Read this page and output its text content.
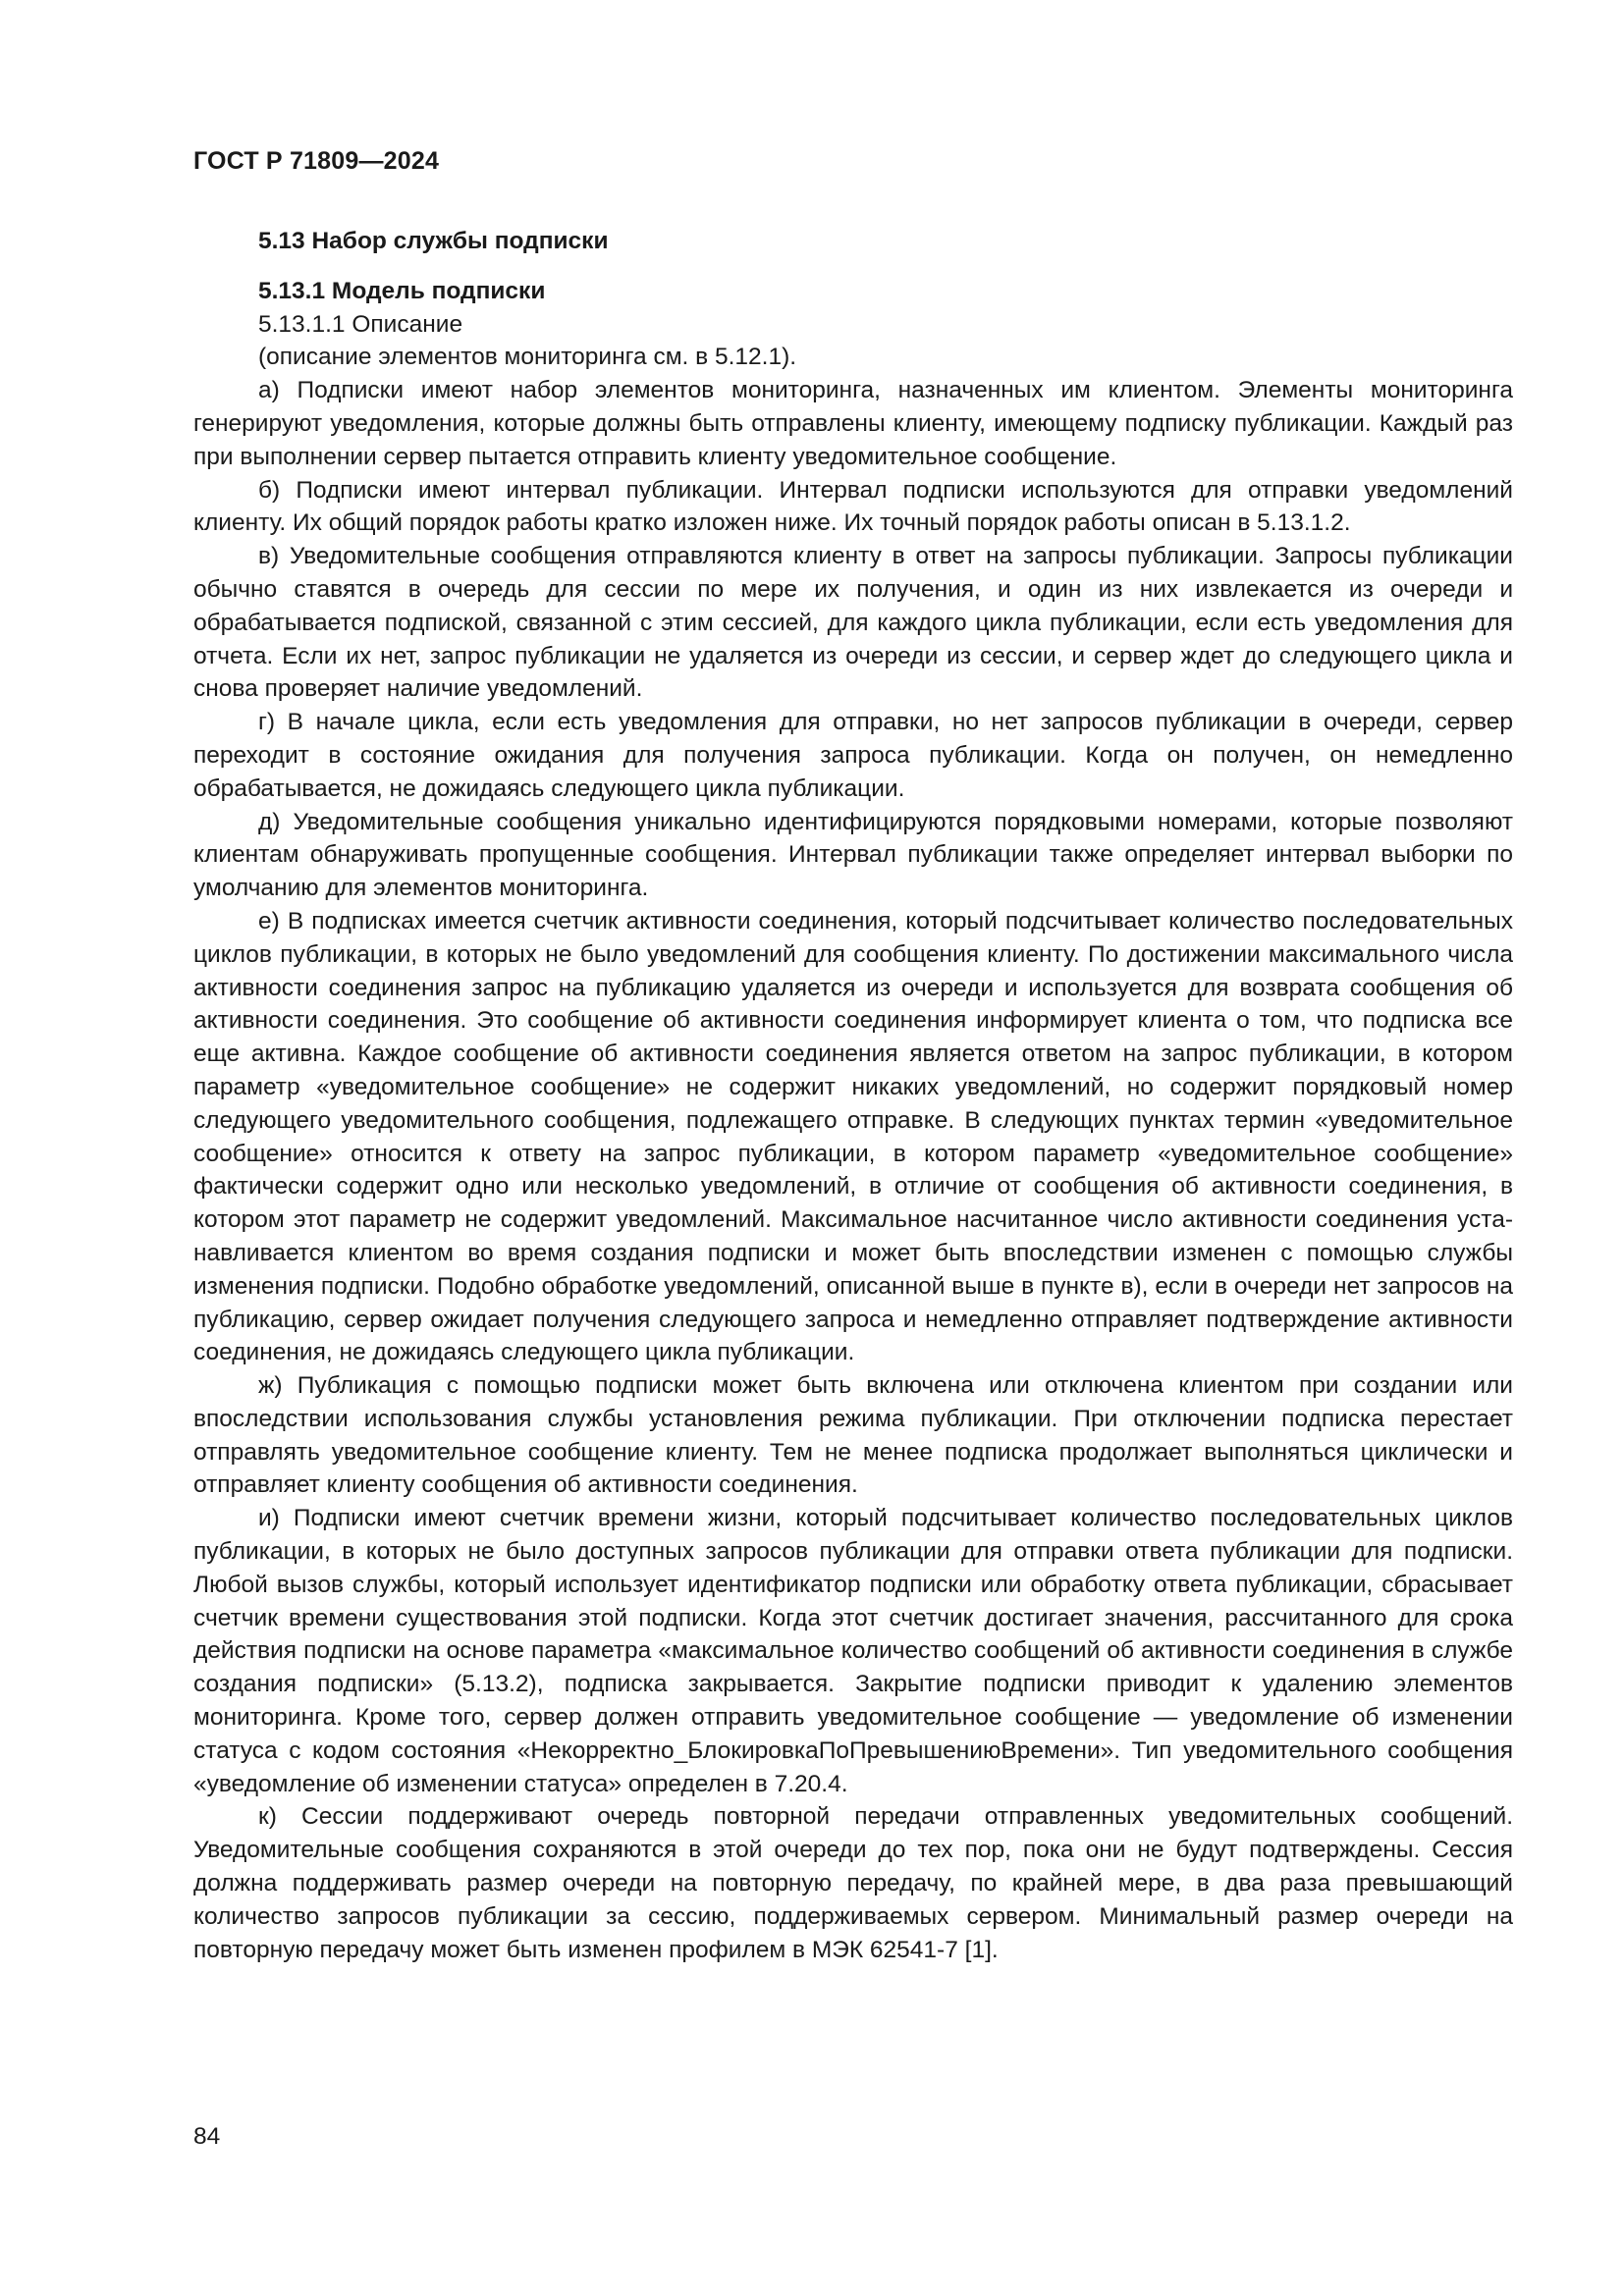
ГОСТ Р 71809—2024

5.13 Набор службы подписки

5.13.1 Модель подписки

5.13.1.1 Описание

(описание элементов мониторинга см. в 5.12.1).

а) Подписки имеют набор элементов мониторинга, назначенных им клиентом. Элементы мониторинга генерируют уведомления, которые должны быть отправлены клиенту, имеющему подписку публикации. Каждый раз при выполнении сервер пытается отправить клиенту уведомительное сообщение.

б) Подписки имеют интервал публикации. Интервал подписки используются для отправки уведомлений клиенту. Их общий порядок работы кратко изложен ниже. Их точный порядок работы описан в 5.13.1.2.

в) Уведомительные сообщения отправляются клиенту в ответ на запросы публикации. Запросы публикации обычно ставятся в очередь для сессии по мере их получения, и один из них извлекается из очереди и обрабатывается подпиской, связанной с этим сессией, для каждого цикла публикации, если есть уведомления для отчета. Если их нет, запрос публикации не удаляется из очереди из сессии, и сервер ждет до следующего цикла и снова проверяет наличие уведомлений.

г) В начале цикла, если есть уведомления для отправки, но нет запросов публикации в очереди, сервер переходит в состояние ожидания для получения запроса публикации. Когда он получен, он немедленно обрабатывается, не дожидаясь следующего цикла публикации.

д) Уведомительные сообщения уникально идентифицируются порядковыми номерами, которые позволяют клиентам обнаруживать пропущенные сообщения. Интервал публикации также определяет интервал выборки по умолчанию для элементов мониторинга.

е) В подписках имеется счетчик активности соединения, который подсчитывает количество последовательных циклов публикации, в которых не было уведомлений для сообщения клиенту. По достижении максимального числа активности соединения запрос на публикацию удаляется из очереди и используется для возврата сообщения об активности соединения. Это сообщение об активности соединения информирует клиента о том, что подписка все еще активна. Каждое сообщение об активности соединения является ответом на запрос публикации, в котором параметр «уведомительное сообщение» не содержит никаких уведомлений, но содержит порядковый номер следующего уведомительного сообщения, подлежащего отправке. В следующих пунктах термин «уведомительное сообщение» относится к ответу на запрос публикации, в котором параметр «уведомительное сообщение» фактически содержит одно или несколько уведомлений, в отличие от сообщения об активности соединения, в котором этот параметр не содержит уведомлений. Максимальное насчитанное число активности соединения устанавливается клиентом во время создания подписки и может быть впоследствии изменен с помощью службы изменения подписки. Подобно обработке уведомлений, описанной выше в пункте в), если в очереди нет запросов на публикацию, сервер ожидает получения следующего запроса и немедленно отправляет подтверждение активности соединения, не дожидаясь следующего цикла публикации.

ж) Публикация с помощью подписки может быть включена или отключена клиентом при создании или впоследствии использования службы установления режима публикации. При отключении подписка перестает отправлять уведомительное сообщение клиенту. Тем не менее подписка продолжает выполняться циклически и отправляет клиенту сообщения об активности соединения.

и) Подписки имеют счетчик времени жизни, который подсчитывает количество последовательных циклов публикации, в которых не было доступных запросов публикации для отправки ответа публикации для подписки. Любой вызов службы, который использует идентификатор подписки или обработку ответа публикации, сбрасывает счетчик времени существования этой подписки. Когда этот счетчик достигает значения, рассчитанного для срока действия подписки на основе параметра «максимальное количество сообщений об активности соединения в службе создания подписки» (5.13.2), подписка закрывается. Закрытие подписки приводит к удалению элементов мониторинга. Кроме того, сервер должен отправить уведомительное сообщение — уведомление об изменении статуса с кодом состояния «Некорректно_БлокировкаПоПревышениюВремени». Тип уведомительного сообщения «уведомление об изменении статуса» определен в 7.20.4.

к) Сессии поддерживают очередь повторной передачи отправленных уведомительных сообщений. Уведомительные сообщения сохраняются в этой очереди до тех пор, пока они не будут подтверждены. Сессия должна поддерживать размер очереди на повторную передачу, по крайней мере, в два раза превышающий количество запросов публикации за сессию, поддерживаемых сервером. Минимальный размер очереди на повторную передачу может быть изменен профилем в МЭК 62541-7 [1].

84
